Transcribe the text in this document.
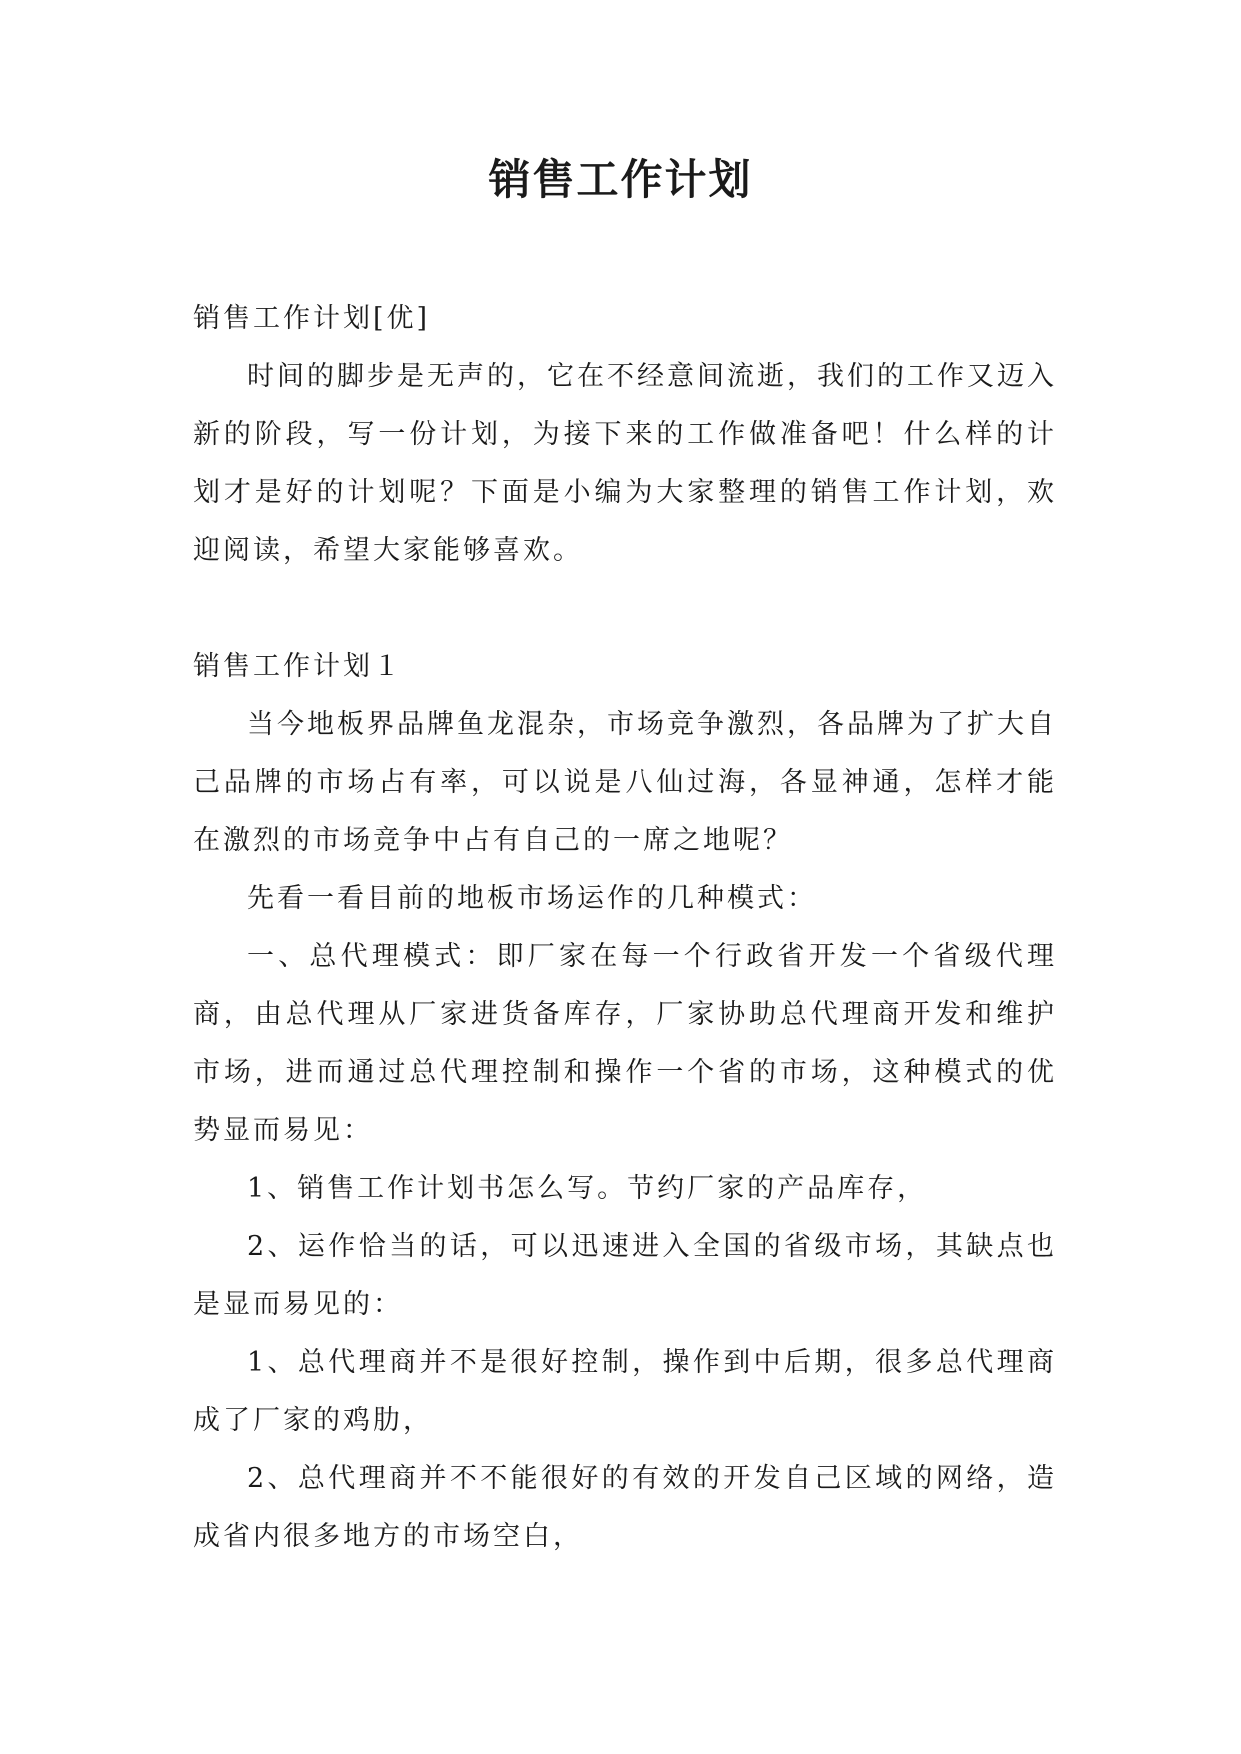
销售工作计划

销售工作计划[优]

时间的脚步是无声的，它在不经意间流逝，我们的工作又迈入新的阶段，写一份计划，为接下来的工作做准备吧！什么样的计划才是好的计划呢？下面是小编为大家整理的销售工作计划，欢迎阅读，希望大家能够喜欢。

销售工作计划１

当今地板界品牌鱼龙混杂，市场竞争激烈，各品牌为了扩大自己品牌的市场占有率，可以说是八仙过海，各显神通，怎样才能在激烈的市场竞争中占有自己的一席之地呢？

先看一看目前的地板市场运作的几种模式：

一、总代理模式：即厂家在每一个行政省开发一个省级代理商，由总代理从厂家进货备库存，厂家协助总代理商开发和维护市场，进而通过总代理控制和操作一个省的市场，这种模式的优势显而易见：

1、销售工作计划书怎么写。节约厂家的产品库存，

2、运作恰当的话，可以迅速进入全国的省级市场，其缺点也是显而易见的：

1、总代理商并不是很好控制，操作到中后期，很多总代理商成了厂家的鸡肋，

2、总代理商并不不能很好的有效的开发自己区域的网络，造成省内很多地方的市场空白，
